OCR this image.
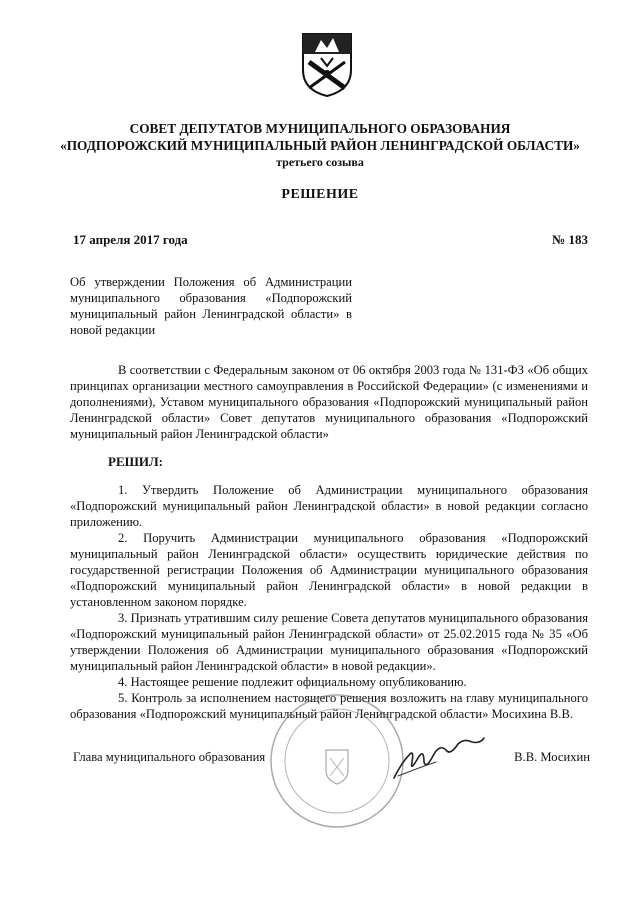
СОВЕТ ДЕПУТАТОВ МУНИЦИПАЛЬНОГО ОБРАЗОВАНИЯ
«ПОДПОРОЖСКИЙ МУНИЦИПАЛЬНЫЙ РАЙОН ЛЕНИНГРАДСКОЙ ОБЛАСТИ»
третьего созыва
РЕШЕНИЕ
17 апреля 2017 года	№ 183
Об утверждении Положения об Администрации муниципального образования «Подпорожский муниципальный район Ленинградской области» в новой редакции
В соответствии с Федеральным законом от 06 октября 2003 года № 131-ФЗ «Об общих принципах организации местного самоуправления в Российской Федерации» (с изменениями и дополнениями), Уставом муниципального образования «Подпорожский муниципальный район Ленинградской области» Совет депутатов муниципального образования «Подпорожский муниципальный район Ленинградской области»
РЕШИЛ:
1. Утвердить Положение об Администрации муниципального образования «Подпорожский муниципальный район Ленинградской области» в новой редакции согласно приложению.
2. Поручить Администрации муниципального образования «Подпорожский муниципальный район Ленинградской области» осуществить юридические действия по государственной регистрации Положения об Администрации муниципального образования «Подпорожский муниципальный район Ленинградской области» в новой редакции в установленном законом порядке.
3. Признать утратившим силу решение Совета депутатов муниципального образования «Подпорожский муниципальный район Ленинградской области» от 25.02.2015 года № 35 «Об утверждении Положения об Администрации муниципального образования «Подпорожский муниципальный район Ленинградской области» в новой редакции».
4. Настоящее решение подлежит официальному опубликованию.
5. Контроль за исполнением настоящего решения возложить на главу муниципального образования «Подпорожский муниципальный район Ленинградской области» Мосихина В.В.
Глава муниципального образования	В.В. Мосихин
